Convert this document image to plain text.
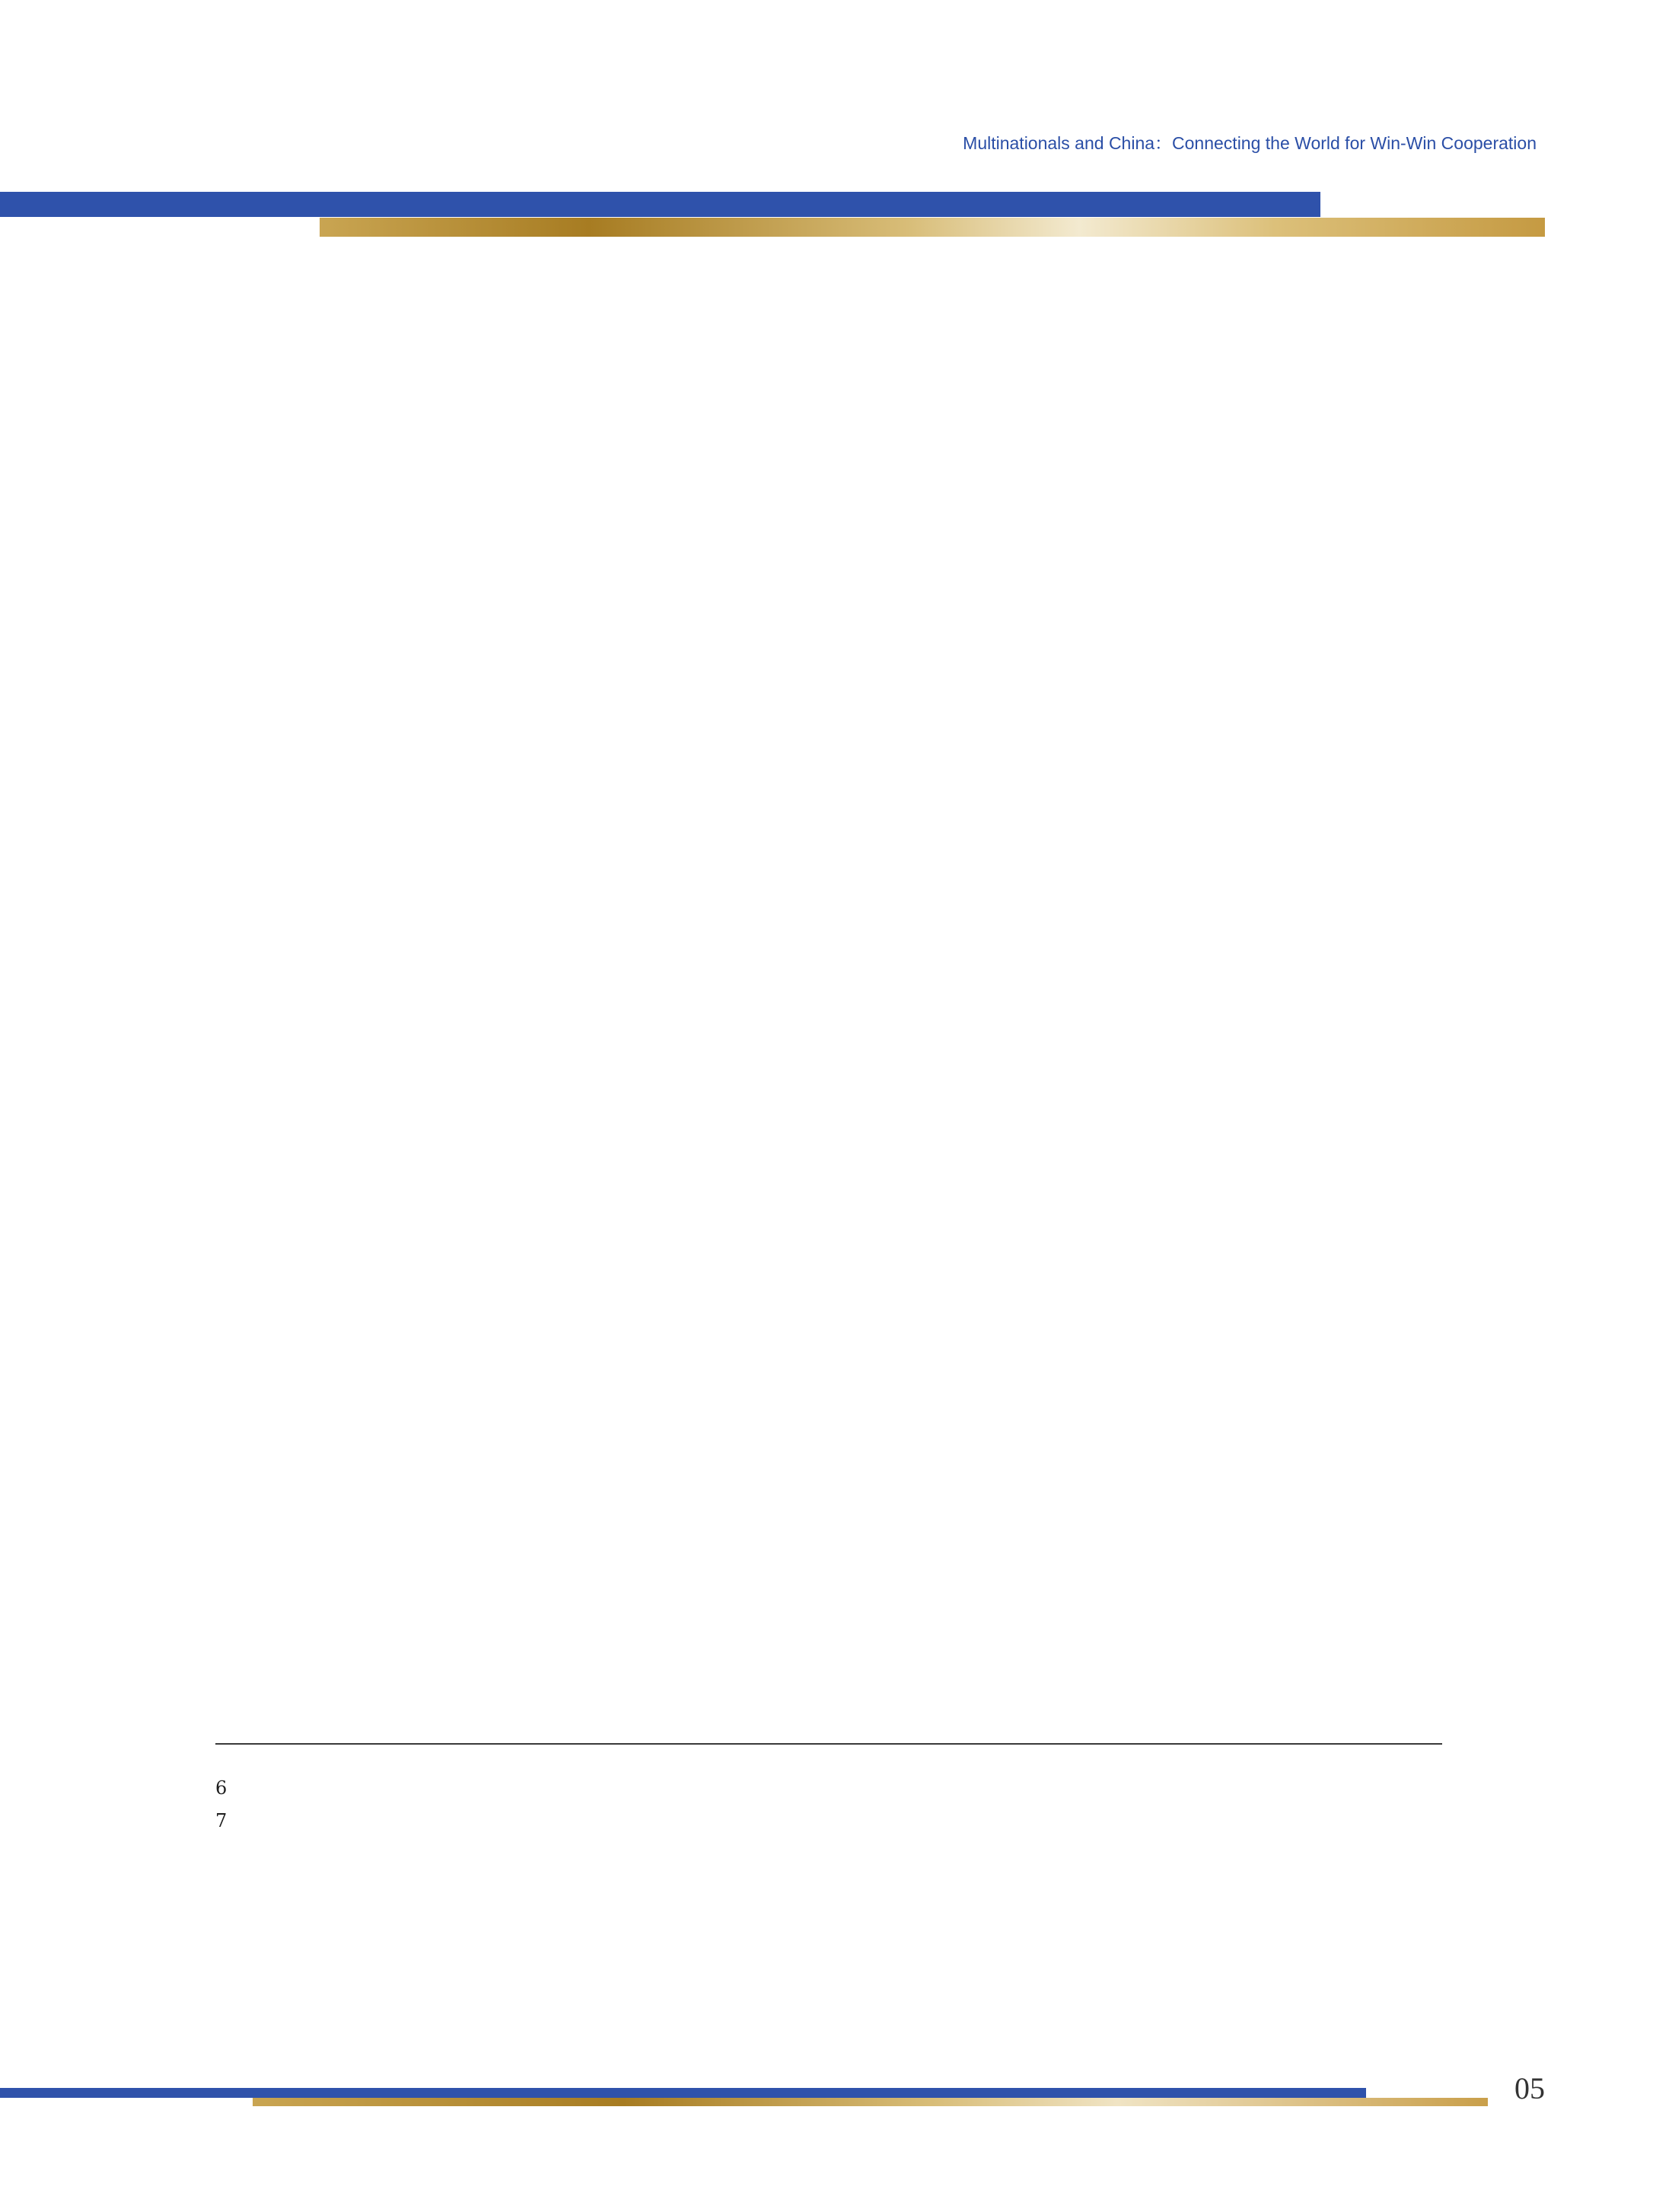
Multinationals and China：Connecting the World for Win-Win Cooperation

6

7

05
